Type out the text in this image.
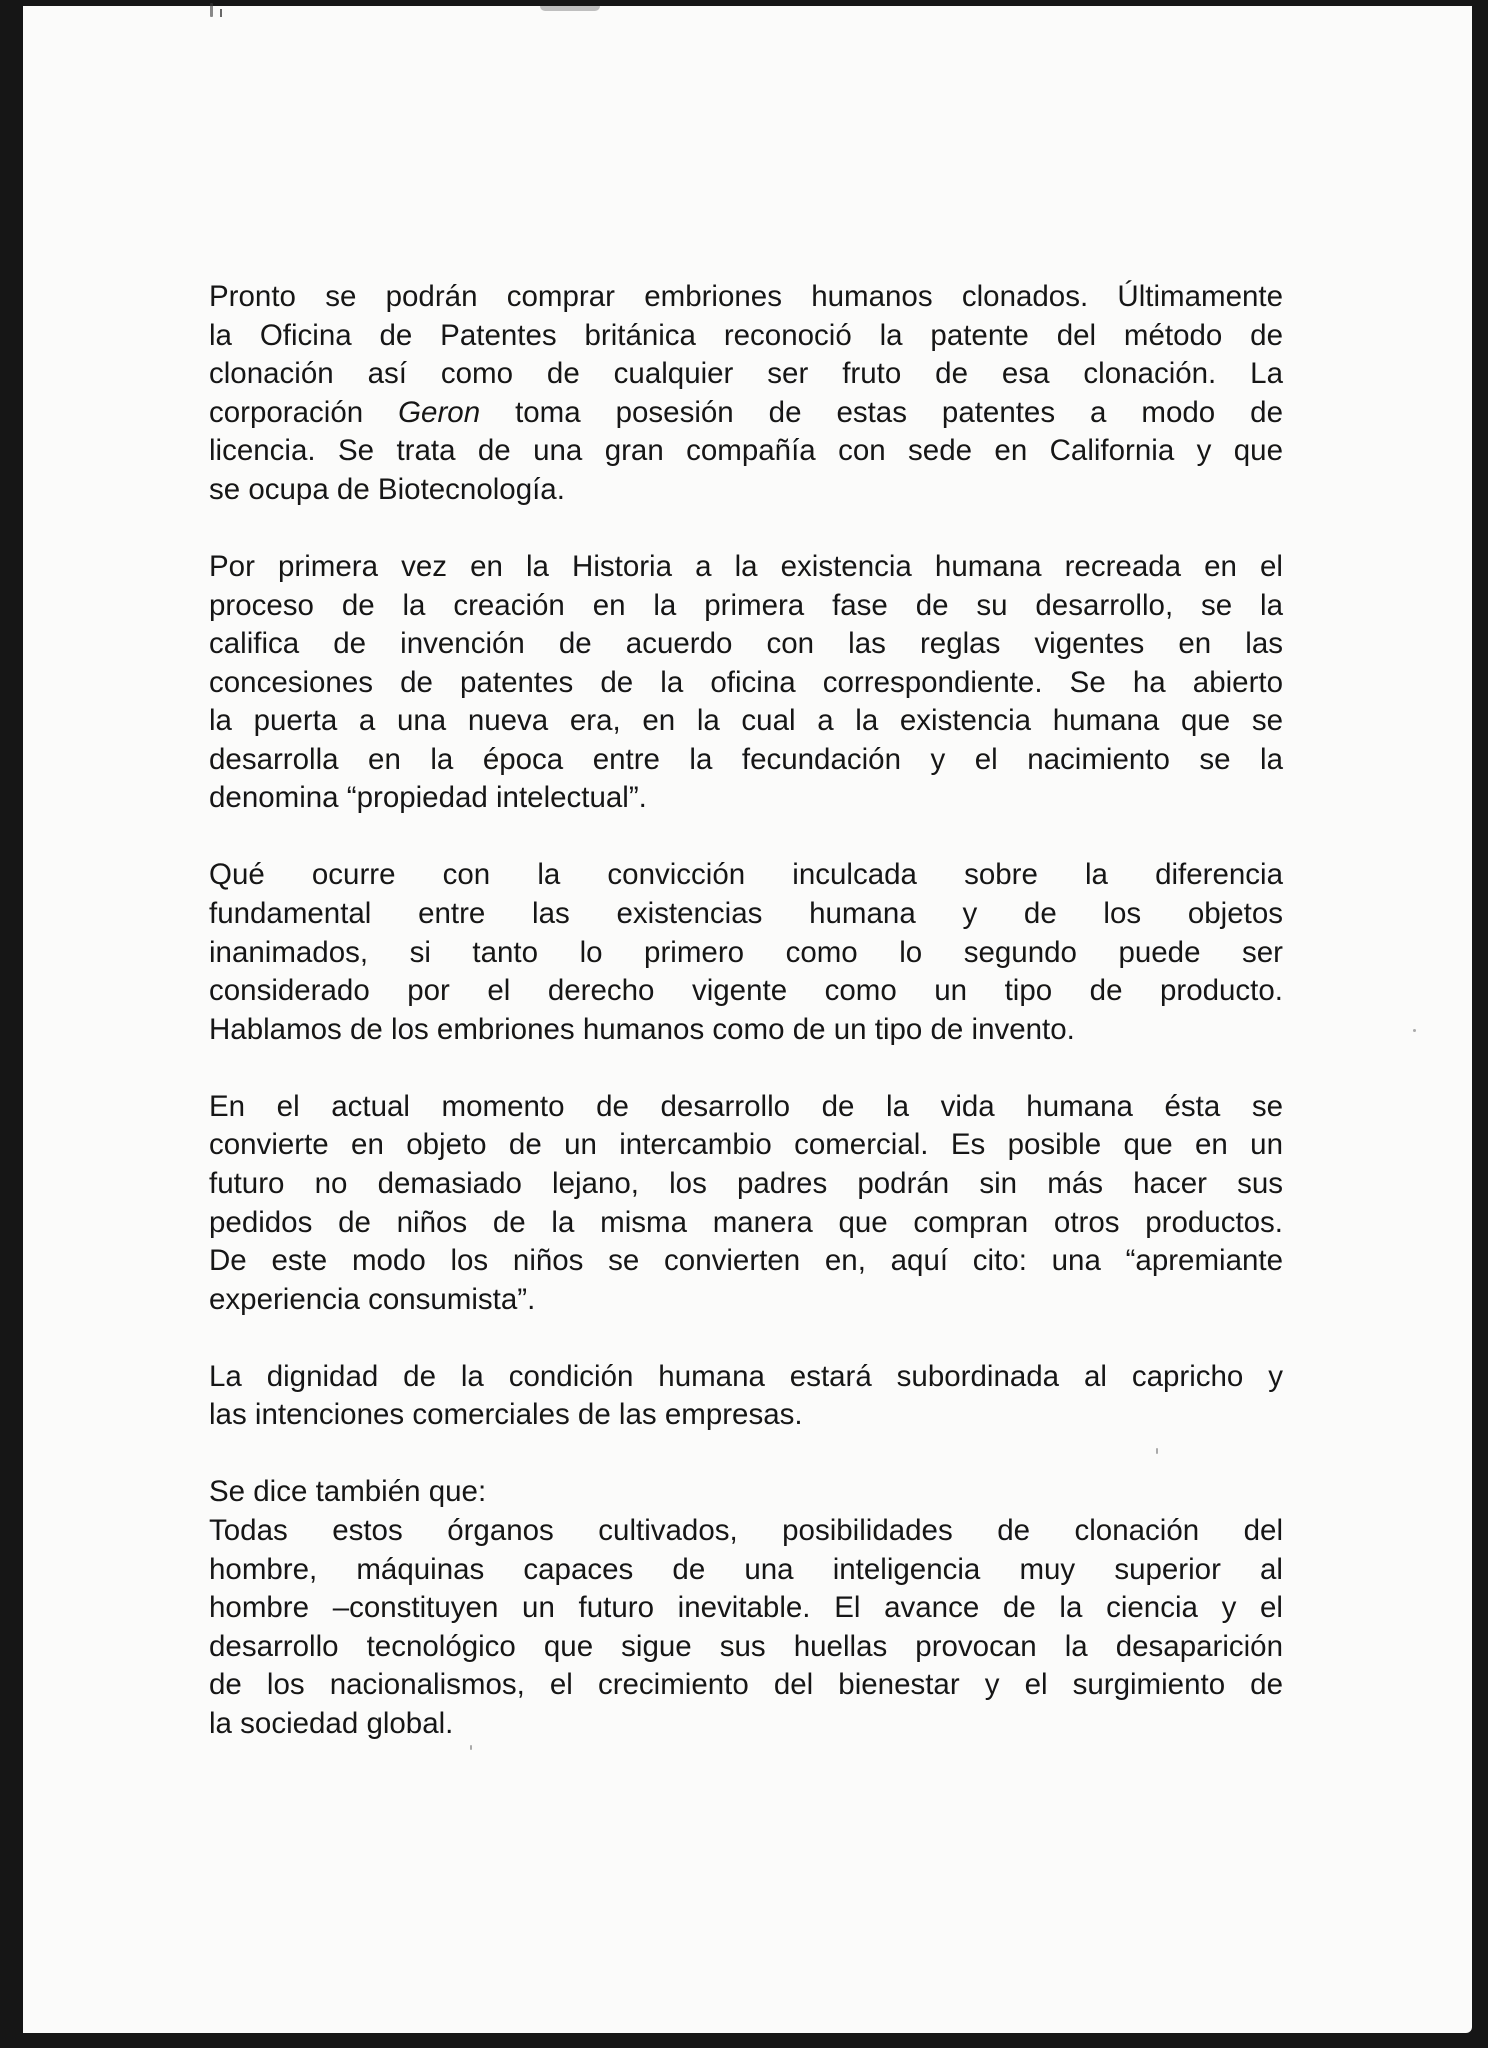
Pronto se podrán comprar embriones humanos clonados. Últimamente
la Oficina de Patentes británica reconoció la patente del método de
clonación así como de cualquier ser fruto de esa clonación. La
corporación Geron toma posesión de estas patentes a modo de
licencia. Se trata de una gran compañía con sede en California y que
se ocupa de Biotecnología.
Por primera vez en la Historia a la existencia humana recreada en el
proceso de la creación en la primera fase de su desarrollo, se la
califica de invención de acuerdo con las reglas vigentes en las
concesiones de patentes de la oficina correspondiente. Se ha abierto
la puerta a una nueva era, en la cual a la existencia humana que se
desarrolla en la época entre la fecundación y el nacimiento se la
denomina “propiedad intelectual”.
Qué ocurre con la convicción inculcada sobre la diferencia
fundamental entre las existencias humana y de los objetos
inanimados, si tanto lo primero como lo segundo puede ser
considerado por el derecho vigente como un tipo de producto.
Hablamos de los embriones humanos como de un tipo de invento.
En el actual momento de desarrollo de la vida humana ésta se
convierte en objeto de un intercambio comercial. Es posible que en un
futuro no demasiado lejano, los padres podrán sin más hacer sus
pedidos de niños de la misma manera que compran otros productos.
De este modo los niños se convierten en, aquí cito: una “apremiante
experiencia consumista”.
La dignidad de la condición humana estará subordinada al capricho y
las intenciones comerciales de las empresas.
Se dice también que:
Todas estos órganos cultivados, posibilidades de clonación del
hombre, máquinas capaces de una inteligencia muy superior al
hombre –constituyen un futuro inevitable. El avance de la ciencia y el
desarrollo tecnológico que sigue sus huellas provocan la desaparición
de los nacionalismos, el crecimiento del bienestar y el surgimiento de
la sociedad global.
